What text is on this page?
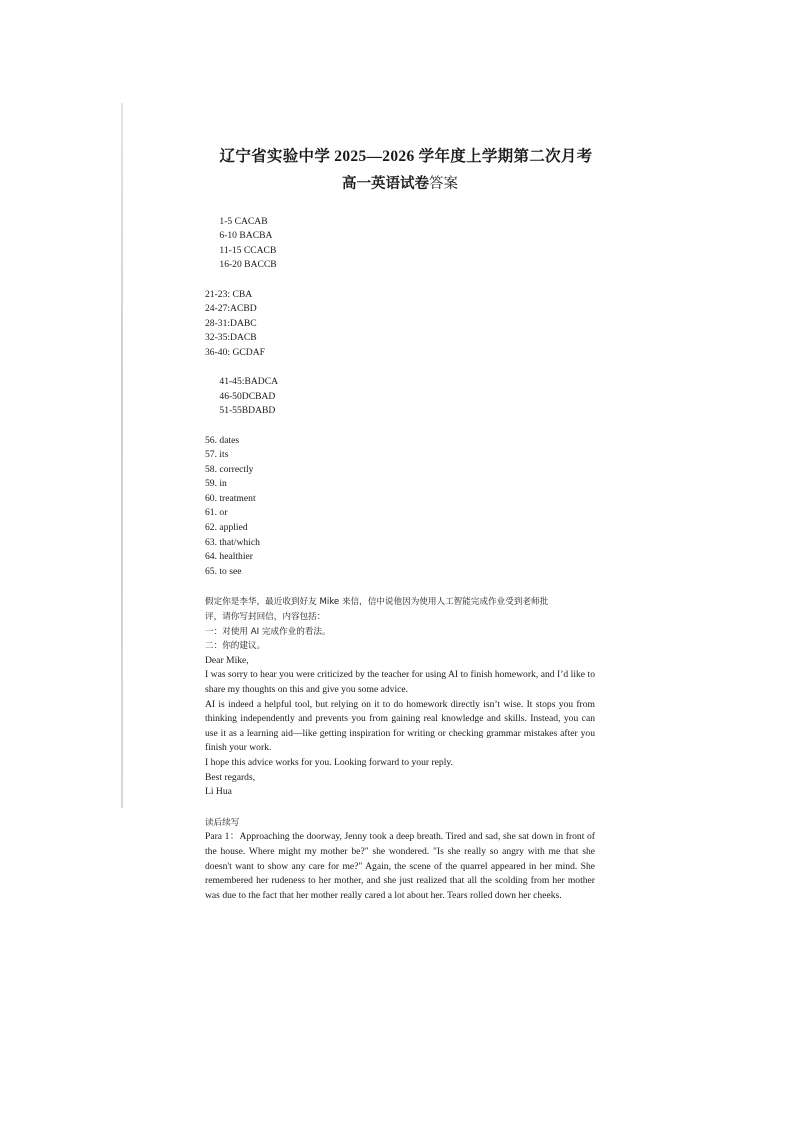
辽宁省实验中学 2025—2026 学年度上学期第二次月考
高一英语试卷答案

1-5 CACAB
6-10 BACBA
11-15 CCACB
16-20 BACCB

21-23: CBA
24-27:ACBD
28-31:DABC
32-35:DACB
36-40: GCDAF

41-45:BADCA
46-50DCBAD
51-55BDABD

56. dates
57. its
58. correctly
59. in
60. treatment
61. or
62. applied
63. that/which
64. healthier
65. to see
假定你是李华，最近收到好友 Mike 来信，信中说他因为使用人工智能完成作业受到老师批
评，请你写封回信，内容包括：
一：对使用 AI 完成作业的看法。
二：你的建议。
Dear Mike,
I was sorry to hear you were criticized by the teacher for using AI to finish homework, and I’d like to share my thoughts on this and give you some advice.
AI is indeed a helpful tool, but relying on it to do homework directly isn’t wise. It stops you from thinking independently and prevents you from gaining real knowledge and skills. Instead, you can use it as a learning aid—like getting inspiration for writing or checking grammar mistakes after you finish your work.
I hope this advice works for you. Looking forward to your reply.
Best regards,
Li Hua
读后续写
Para 1：Approaching the doorway, Jenny took a deep breath. Tired and sad, she sat down in front of the house. Where might my mother be?" she wondered. "Is she really so angry with me that she doesn't want to show any care for me?" Again, the scene of the quarrel appeared in her mind. She remembered her rudeness to her mother, and she just realized that all the scolding from her mother was due to the fact that her mother really cared a lot about her. Tears rolled down her cheeks.
